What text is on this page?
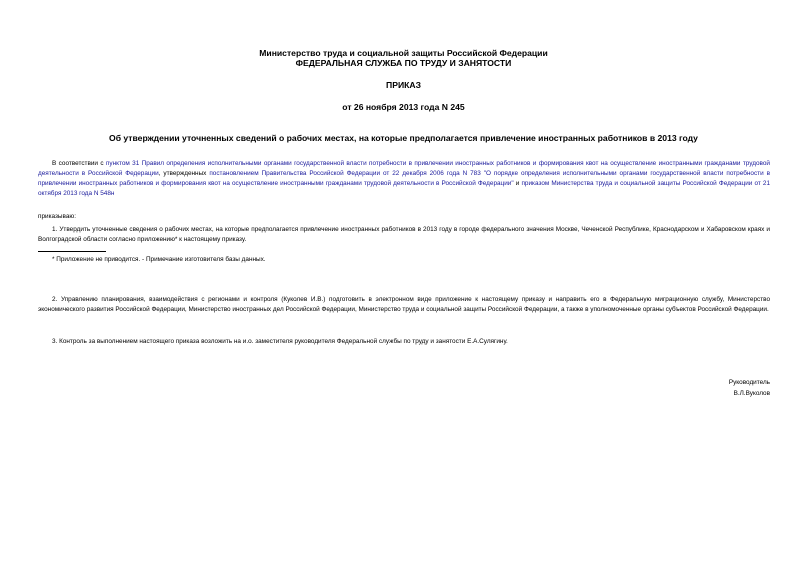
Министерство труда и социальной защиты Российской Федерации
ФЕДЕРАЛЬНАЯ СЛУЖБА ПО ТРУДУ И ЗАНЯТОСТИ
ПРИКАЗ
от 26 ноября 2013 года N 245
Об утверждении уточненных сведений о рабочих местах, на которые предполагается привлечение иностранных работников в 2013 году
В соответствии с пунктом 31 Правил определения исполнительными органами государственной власти потребности в привлечении иностранных работников и формирования квот на осуществление иностранными гражданами трудовой деятельности в Российской Федерации, утвержденных постановлением Правительства Российской Федерации от 22 декабря 2006 года N 783 "О порядке определения исполнительными органами государственной власти потребности в привлечении иностранных работников и формирования квот на осуществление иностранными гражданами трудовой деятельности в Российской Федерации" и приказом Министерства труда и социальной защиты Российской Федерации от 21 октября 2013 года N 548н
приказываю:
1. Утвердить уточненные сведения о рабочих местах, на которые предполагается привлечение иностранных работников в 2013 году в городе федерального значения Москве, Чеченской Республике, Краснодарском и Хабаровском краях и Волгоградской области согласно приложению* к настоящему приказу.
* Приложение не приводится. - Примечание изготовителя базы данных.
2. Управлению планирования, взаимодействия с регионами и контроля (Куколев И.В.) подготовить в электронном виде приложение к настоящему приказу и направить его в Федеральную миграционную службу, Министерство экономического развития Российской Федерации, Министерство иностранных дел Российской Федерации, Министерство труда и социальной защиты Российской Федерации, а также в уполномоченные органы субъектов Российской Федерации.
3. Контроль за выполнением настоящего приказа возложить на и.о. заместителя руководителя Федеральной службы по труду и занятости Е.А.Сулягину.
Руководитель
В.Л.Вуколов
